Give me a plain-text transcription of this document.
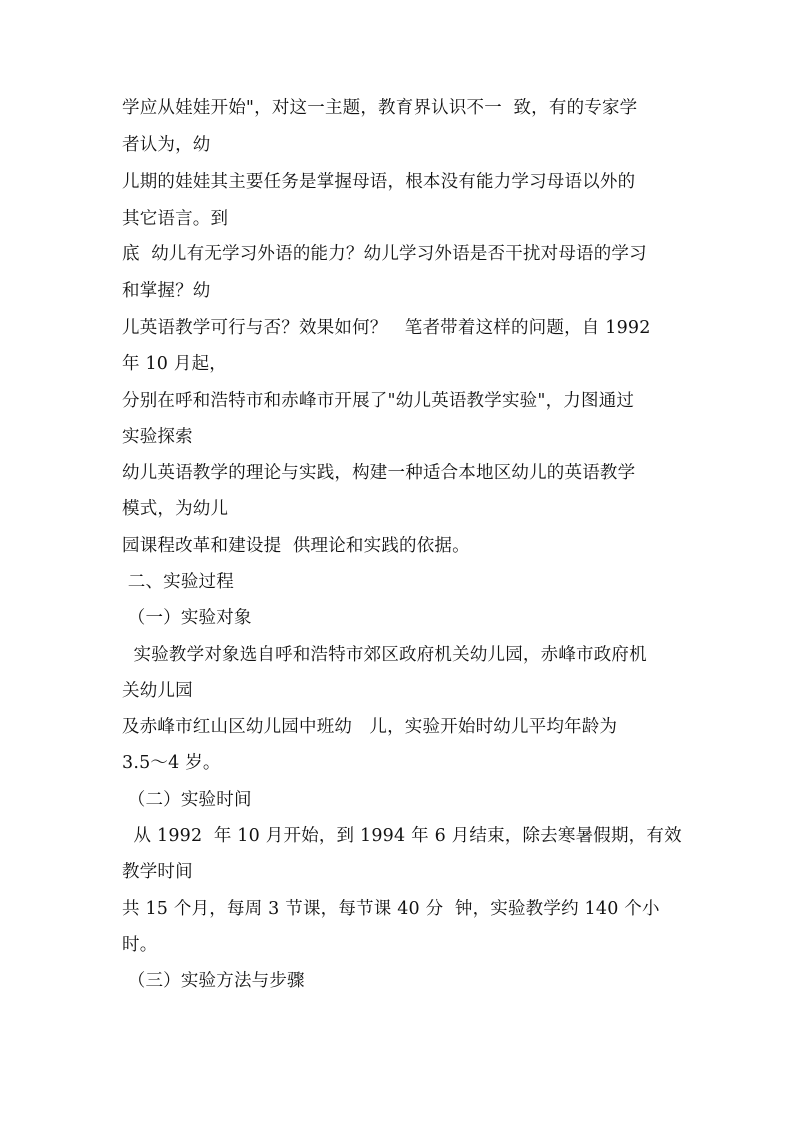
学应从娃娃开始"，对这一主题，教育界认识不一  致，有的专家学
者认为，幼
儿期的娃娃其主要任务是掌握母语，根本没有能力学习母语以外的
其它语言。到
底  幼儿有无学习外语的能力？幼儿学习外语是否干扰对母语的学习
和掌握？幼
儿英语教学可行与否？效果如何？   笔者带着这样的问题，自 1992
年 10 月起，
分别在呼和浩特市和赤峰市开展了"幼儿英语教学实验"，力图通过
实验探索
幼儿英语教学的理论与实践，构建一种适合本地区幼儿的英语教学
模式，为幼儿
园课程改革和建设提  供理论和实践的依据。
二、实验过程
（一）实验对象
实验教学对象选自呼和浩特市郊区政府机关幼儿园，赤峰市政府机
关幼儿园
及赤峰市红山区幼儿园中班幼   儿，实验开始时幼儿平均年龄为
3.5～4 岁。
（二）实验时间
从 1992  年 10 月开始，到 1994 年 6 月结束，除去寒暑假期，有效
教学时间
共 15 个月，每周 3 节课，每节课 40 分  钟，实验教学约 140 个小
时。
（三）实验方法与步骤
